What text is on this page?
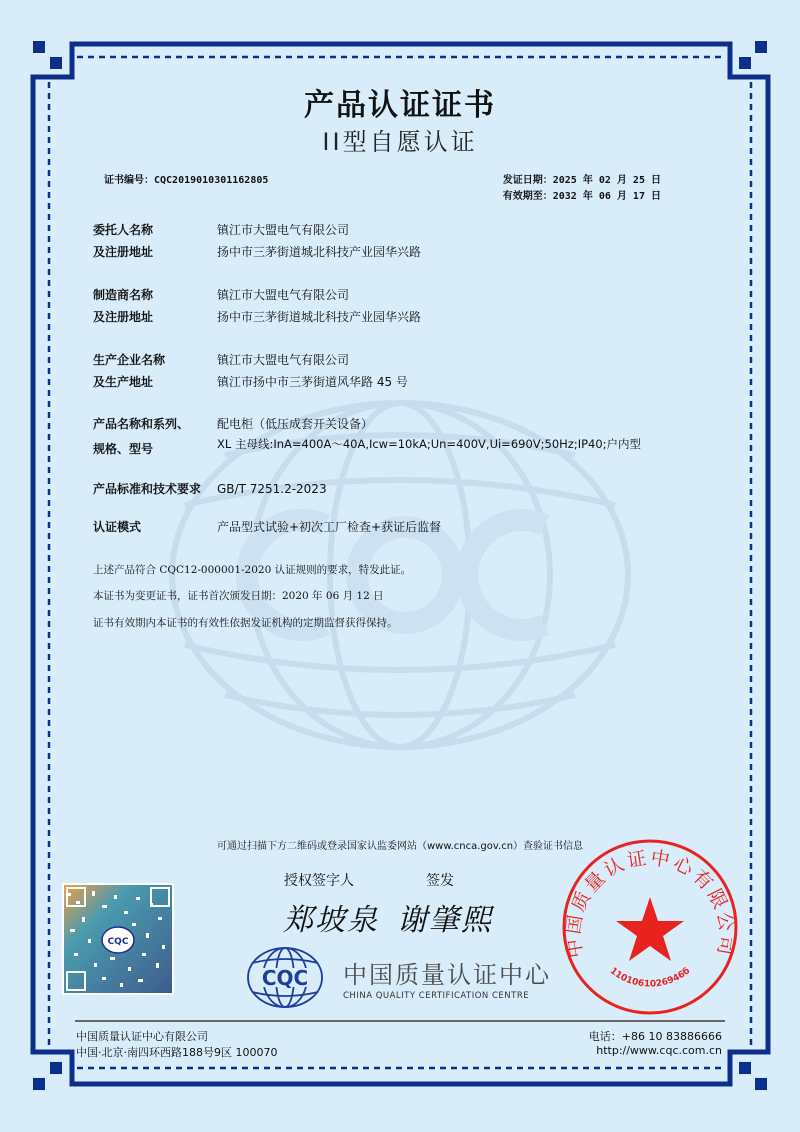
产品认证证书
II型自愿认证
证书编号：CQC2019010301162805	发证日期：2025 年 02 月 25 日
有效期至：2032 年 06 月 17 日
委托人名称	镇江市大盟电气有限公司
及注册地址	扬中市三茅街道城北科技产业园华兴路
制造商名称	镇江市大盟电气有限公司
及注册地址	扬中市三茅街道城北科技产业园华兴路
生产企业名称	镇江市大盟电气有限公司
及生产地址	镇江市扬中市三茅街道风华路 45 号
产品名称和系列、 配电柜（低压成套开关设备）
规格、型号	XL 主母线:InA=400A～40A,Icw=10kA;Un=400V,Ui=690V;50Hz;IP40;户内型
产品标准和技术要求 GB/T 7251.2-2023
认证模式	产品型式试验+初次工厂检查+获证后监督
上述产品符合 CQC12-000001-2020 认证规则的要求，特发此证。
本证书为变更证书，证书首次颁发日期：2020 年 06 月 12 日
证书有效期内本证书的有效性依据发证机构的定期监督获得保持。
可通过扫描下方二维码或登录国家认监委网站（www.cnca.gov.cn）查验证书信息
授权签字人	签发
郑坡泉 谢肇熙
CQC
CQC 中国质量认证中心
CHINA QUALITY CERTIFICATION CENTRE
中国质量认证中心有限公司
1101061026946б
中国质量认证中心有限公司
中国·北京·南四环西路188号9区 100070
电话：+86 10 83886666
http://www.cqc.com.cn
